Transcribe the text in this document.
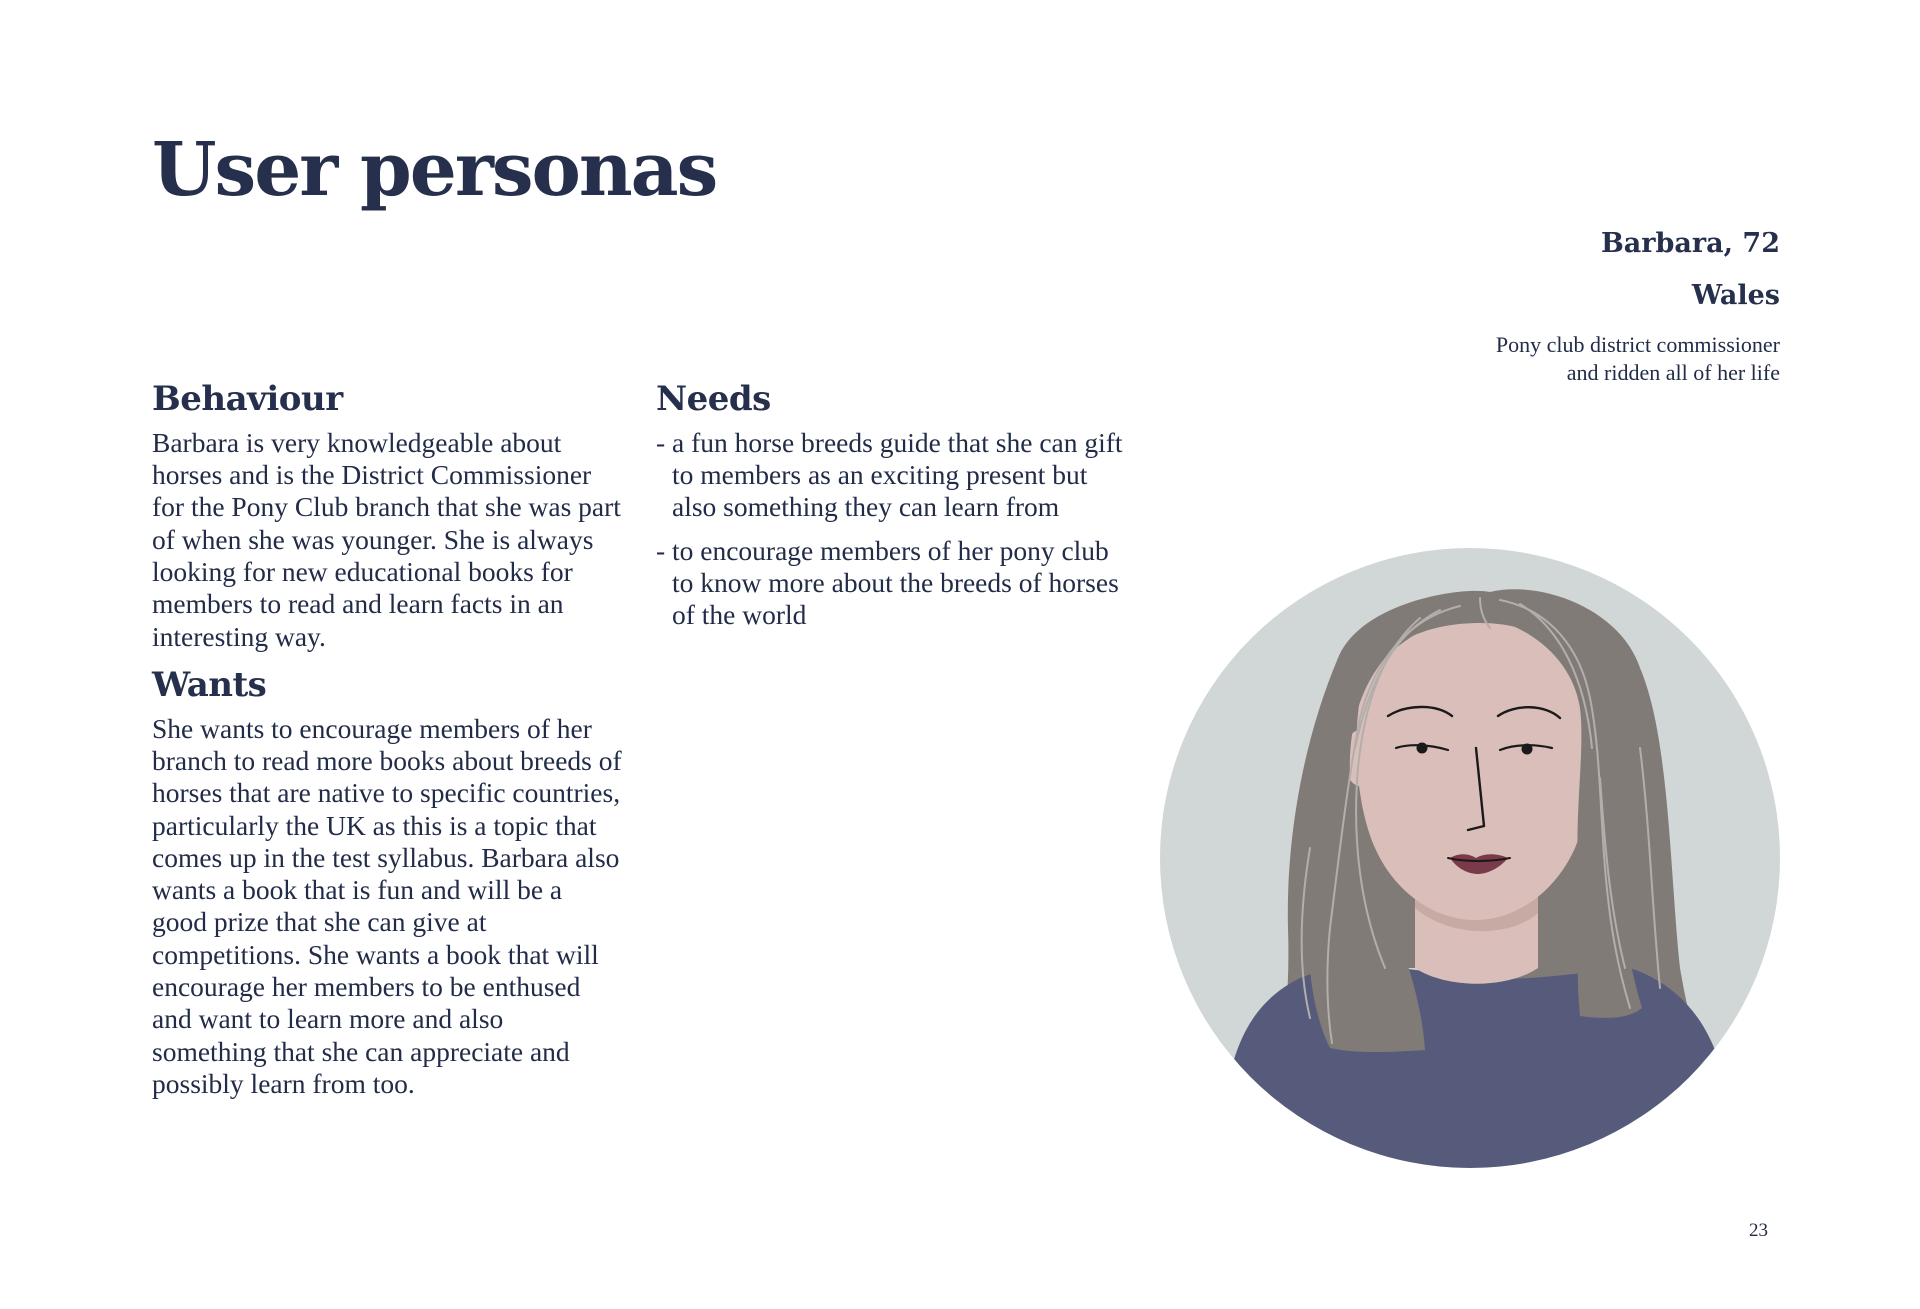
User personas
Behaviour

Barbara is very knowledgeable about horses and is the District Commissioner for the Pony Club branch that she was part of when she was younger. She is always looking for new educational books for members to read and learn facts in an interesting way.

Wants

She wants to encourage members of her branch to read more books about breeds of horses that are native to specific countries, particularly the UK as this is a topic that comes up in the test syllabus. Barbara also wants a book that is fun and will be a good prize that she can give at competitions. She wants a book that will encourage her members to be enthused and want to learn more and also something that she can appreciate and possibly learn from too.

Needs
- a fun horse breeds guide that she can gift to members as an exciting present but also something they can learn from
- to encourage members of her pony club to know more about the breeds of horses of the world

Barbara, 72

Wales

Pony club district commissioner
and ridden all of her life

23
